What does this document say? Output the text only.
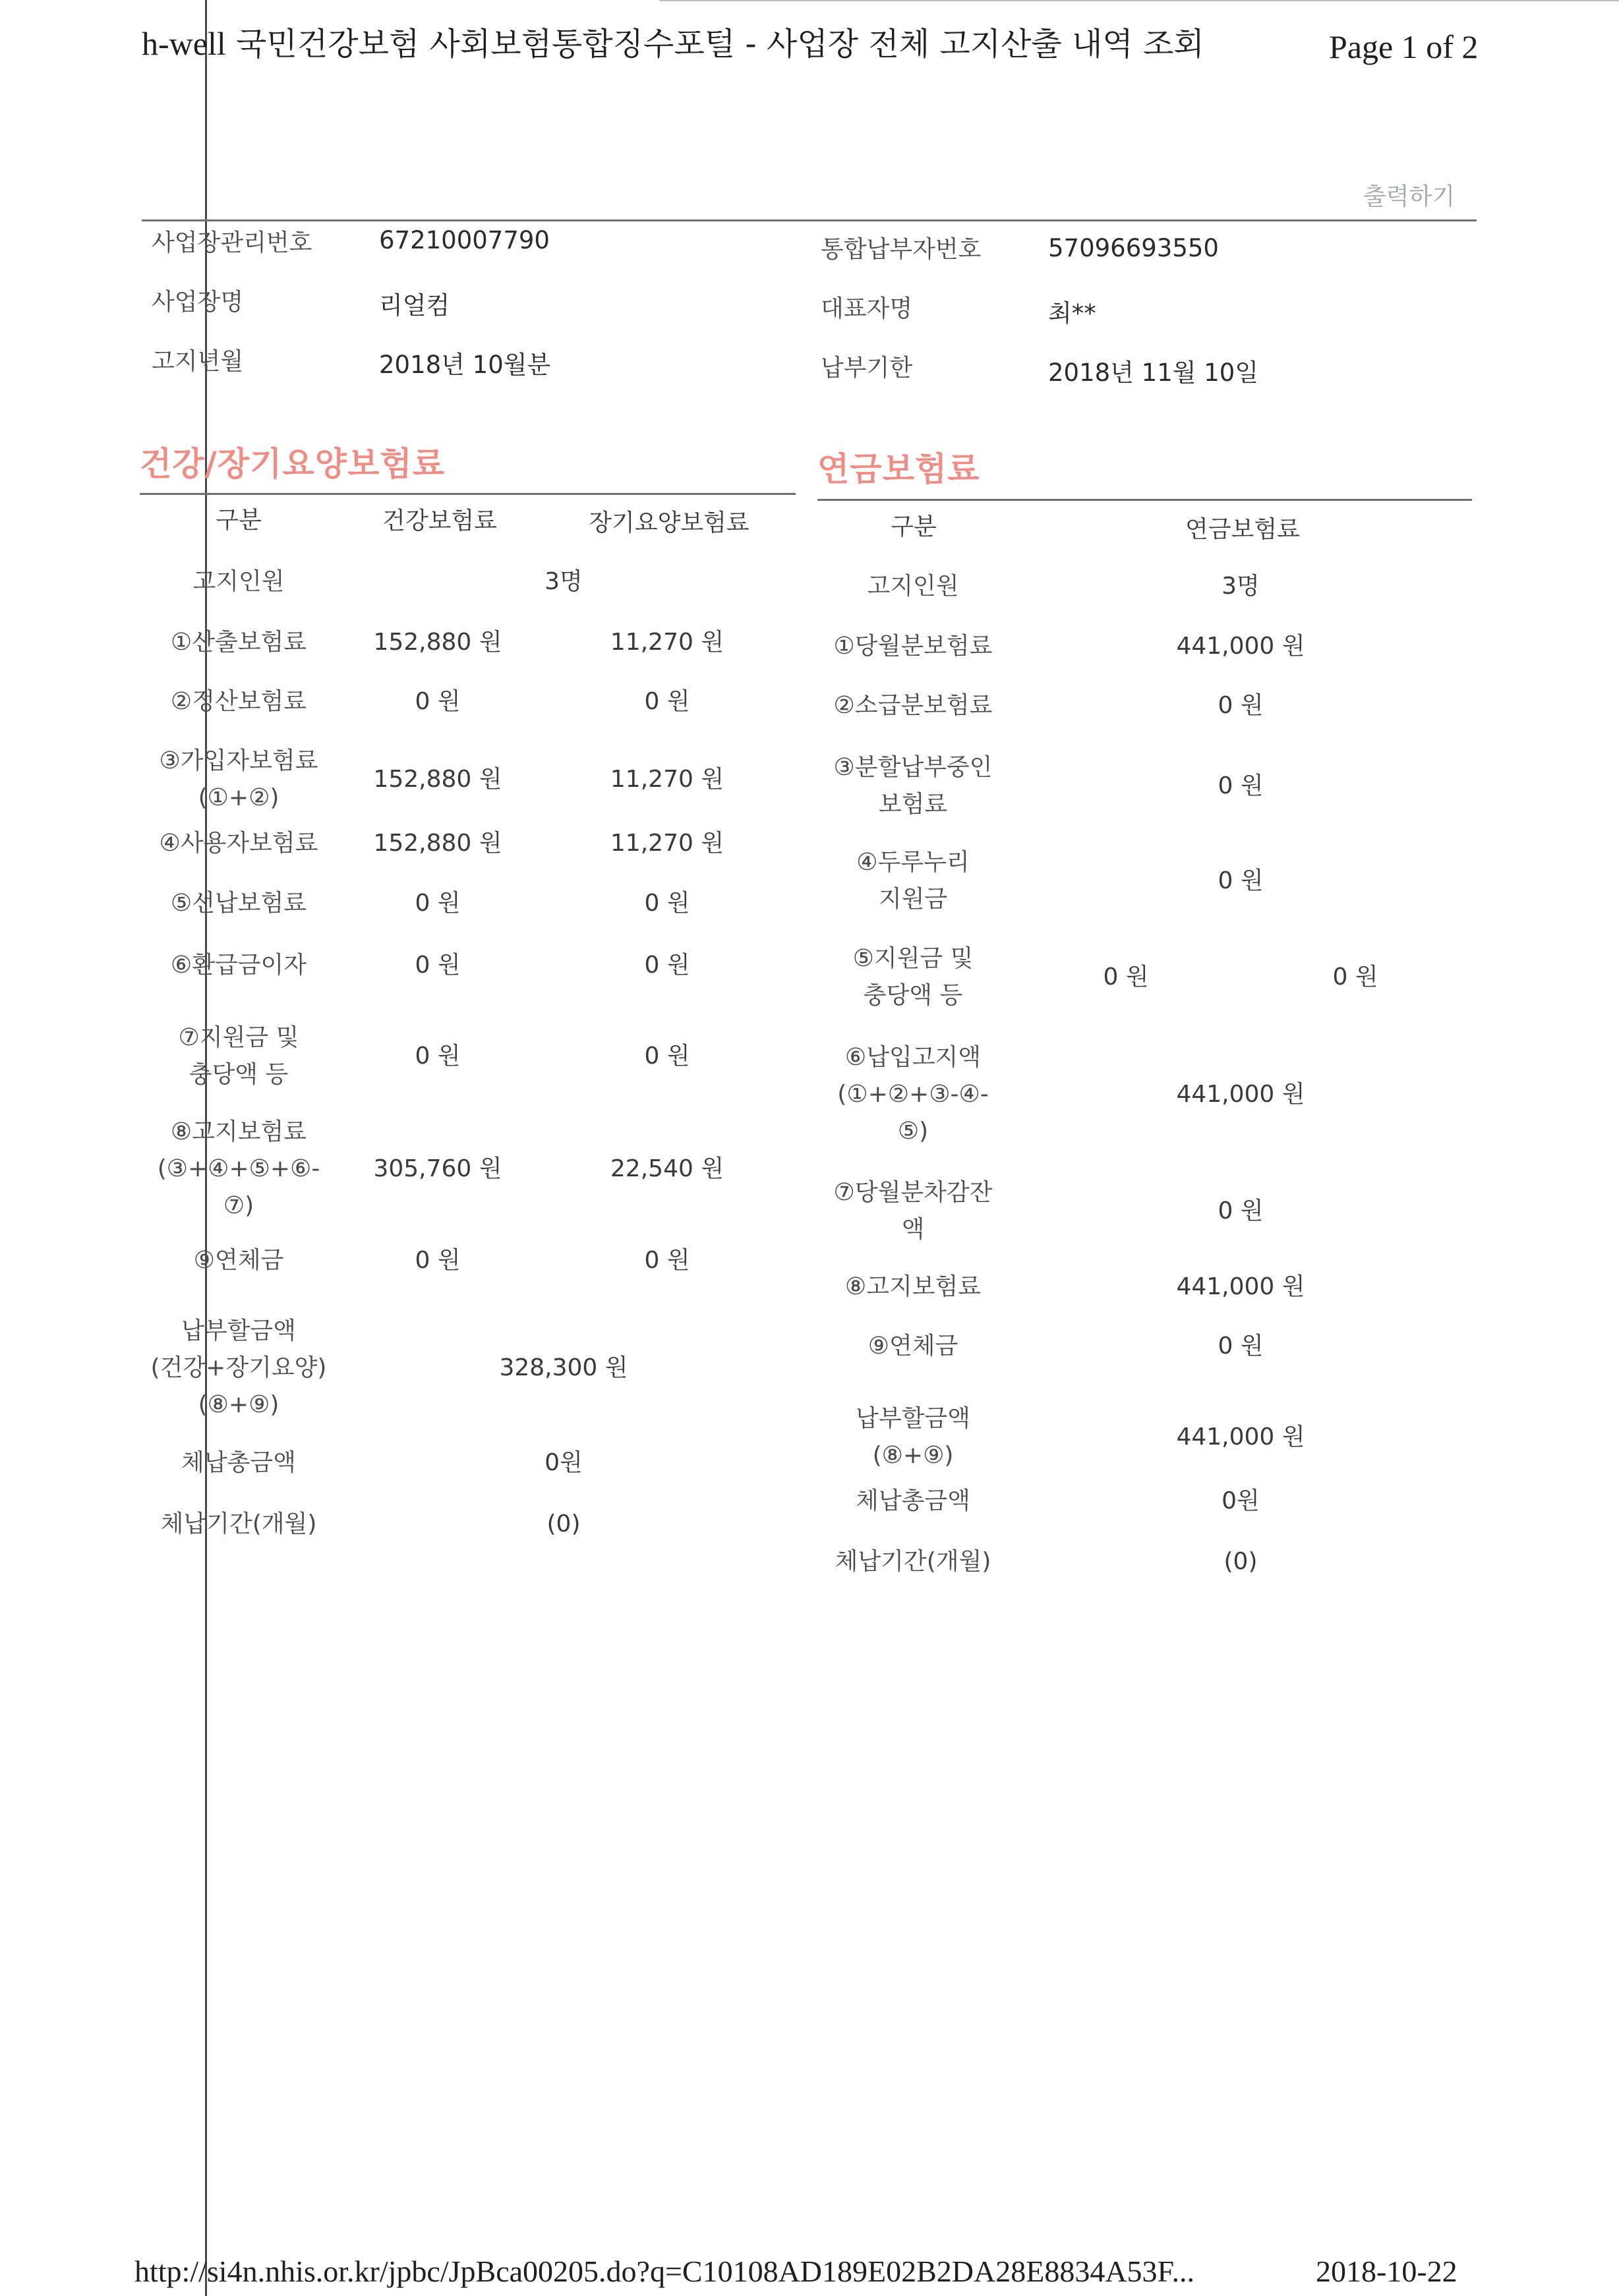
h-well 국민건강보험 사회보험통합징수포털 - 사업장 전체 고지산출 내역 조회	Page 1 of 2
출력하기
사업장관리번호	67210007790	통합납부자번호	57096693550
사업장명	리얼컴	대표자명	최**
고지년월	2018년 10월분	납부기한	2018년 11월 10일
건강/장기요양보험료	연금보험료
구분	건강보험료	장기요양보험료
고지인원	3명
①산출보험료	152,880 원	11,270 원
②정산보험료	0 원	0 원
③가입자보험료
(①+②)
152,880 원	11,270 원
④사용자보험료 152,880 원	11,270 원
⑤선납보험료	0 원	0 원
⑥환급금이자	0 원	0 원
⑦지원금 및
충당액 등
0 원	0 원
⑧고지보험료
(③+④+⑤+⑥-
⑦)
305,760 원	22,540 원
⑨연체금	0 원	0 원
납부할금액
(건강+장기요양)
(⑧+⑨)
328,300 원
체납총금액	0원
체납기간(개월)	(0)
구분	연금보험료
고지인원	3명
①당월분보험료	441,000 원
②소급분보험료	0 원
③분할납부중인
보험료
0 원
④두루누리
지원금
0 원
⑤지원금 및
충당액 등
0 원	0 원
⑥납입고지액
(①+②+③-④-
⑤)
441,000 원
⑦당월분차감잔
액
0 원
⑧고지보험료	441,000 원
⑨연체금	0 원
납부할금액
(⑧+⑨)
441,000 원
체납총금액	0원
체납기간(개월)	(0)
http://si4n.nhis.or.kr/jpbc/JpBca00205.do?q=C10108AD189E02B2DA28E8834A53F...	2018-10-22
